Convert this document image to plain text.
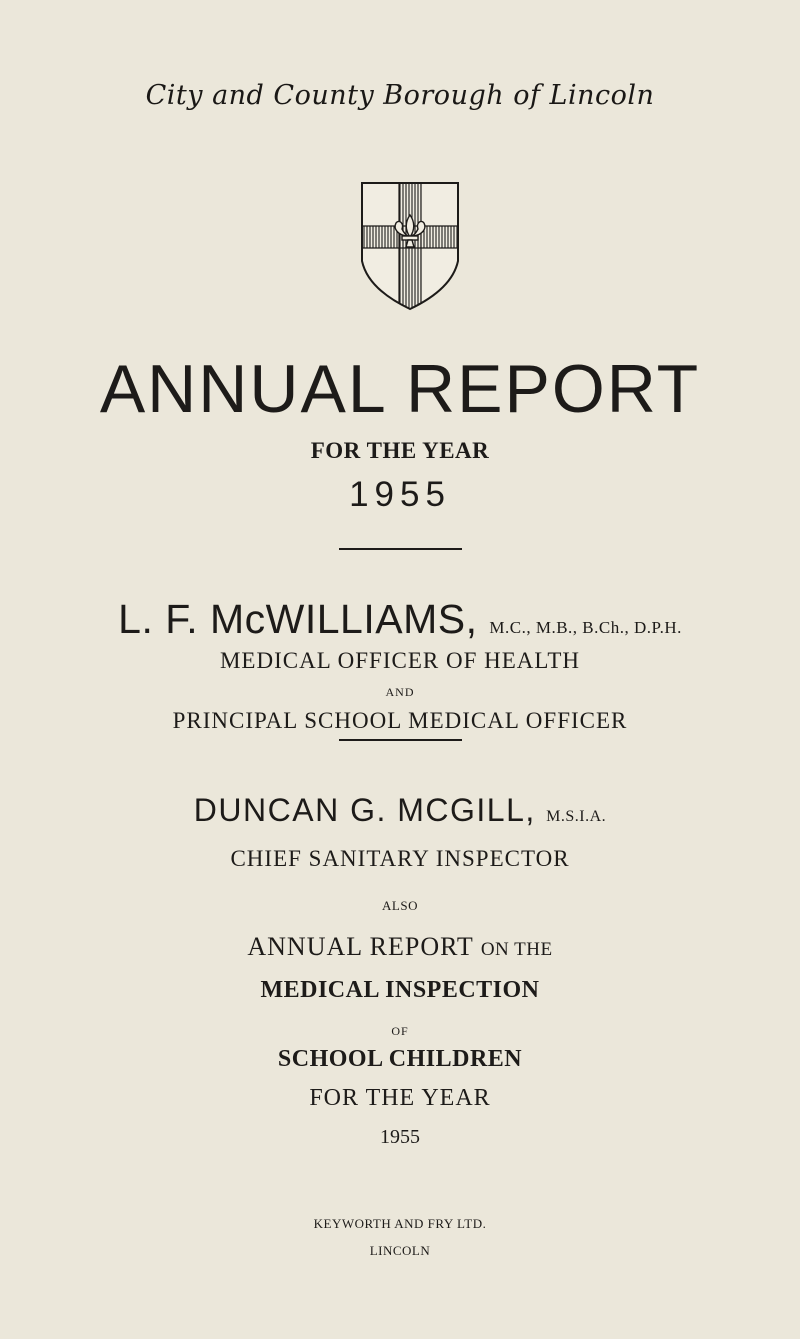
City and County Borough of Lincoln
ANNUAL REPORT
FOR THE YEAR
1955
L. F. McWILLIAMS, M.C., M.B., B.Ch., D.P.H.
MEDICAL OFFICER OF HEALTH
AND
PRINCIPAL SCHOOL MEDICAL OFFICER
DUNCAN G. MCGILL, M.S.I.A.
CHIEF SANITARY INSPECTOR
ALSO
ANNUAL REPORT ON THE
MEDICAL INSPECTION
OF
SCHOOL CHILDREN
FOR THE YEAR
1955
KEYWORTH AND FRY LTD.
LINCOLN
